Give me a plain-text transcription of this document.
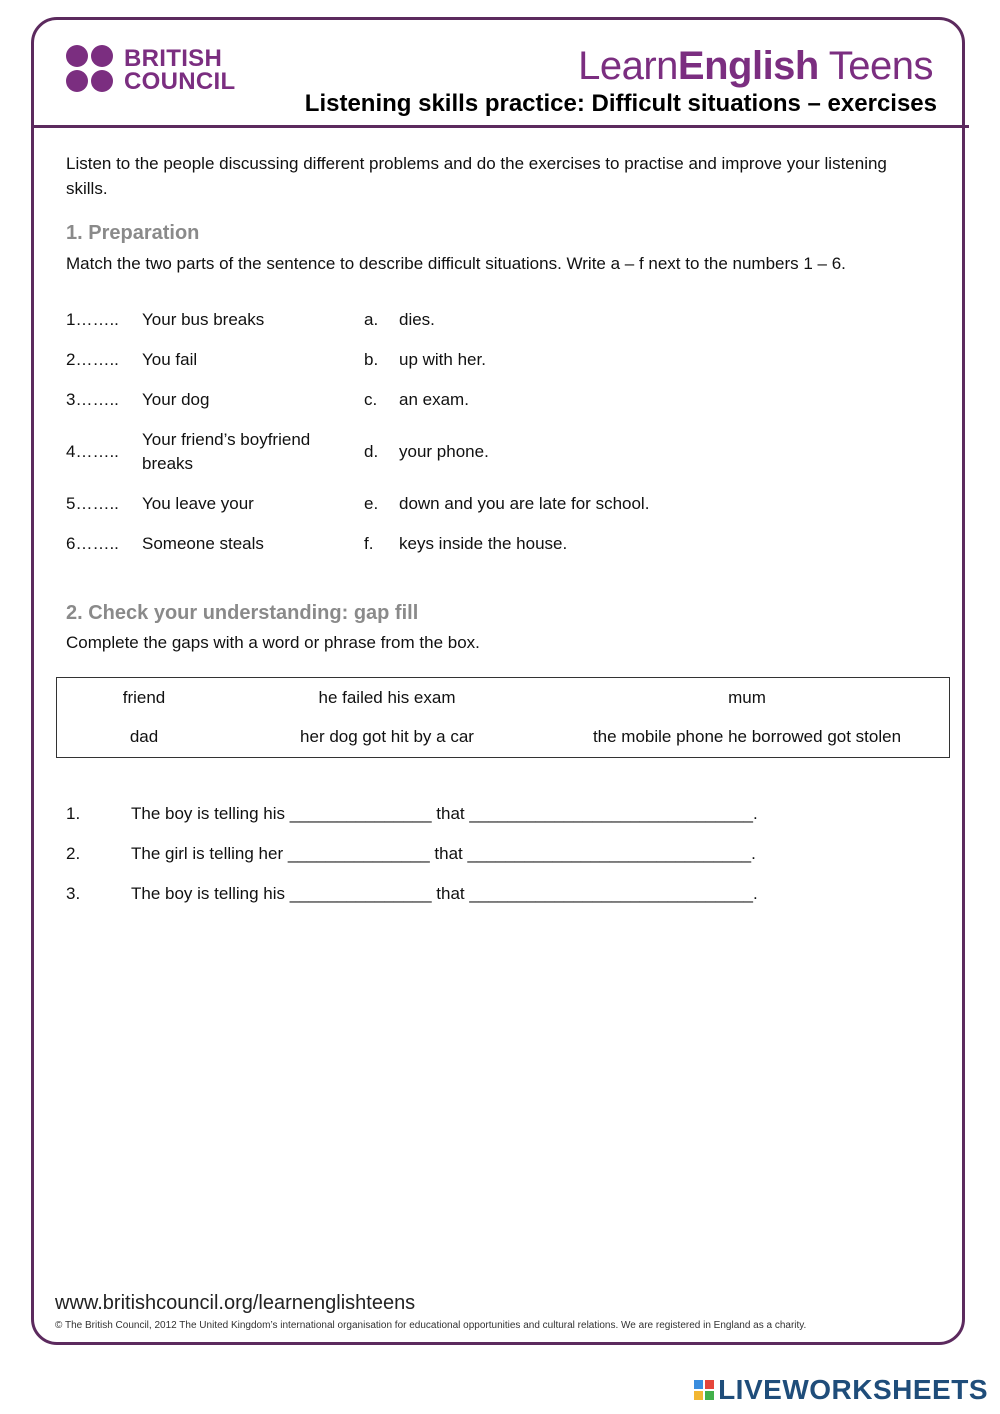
BRITISH
COUNCIL	LearnEnglish Teens
Listening skills practice: Difficult situations – exercises
Listen to the people discussing different problems and do the exercises to practise and improve your listening skills.
1. Preparation
Match the two parts of the sentence to describe difficult situations. Write a – f next to the numbers 1 – 6.
1……..	Your bus breaks	a.	dies.
2……..	You fail	b.	up with her.
3……..	Your dog	c.	an exam.
4……..	Your friend’s boyfriend breaks	d.	your phone.
5……..	You leave your	e.	down and you are late for school.
6……..	Someone steals	f.	keys inside the house.
2. Check your understanding: gap fill
Complete the gaps with a word or phrase from the box.
friend	he failed his exam	mum
dad	her dog got hit by a car	the mobile phone he borrowed got stolen
1.	The boy is telling his _______________ that ______________________________.
2.	The girl is telling her _______________ that ______________________________.
3.	The boy is telling his _______________ that ______________________________.
www.britishcouncil.org/learnenglishteens
© The British Council, 2012 The United Kingdom’s international organisation for educational opportunities and cultural relations. We are registered in England as a charity.
LIVEWORKSHEETS
